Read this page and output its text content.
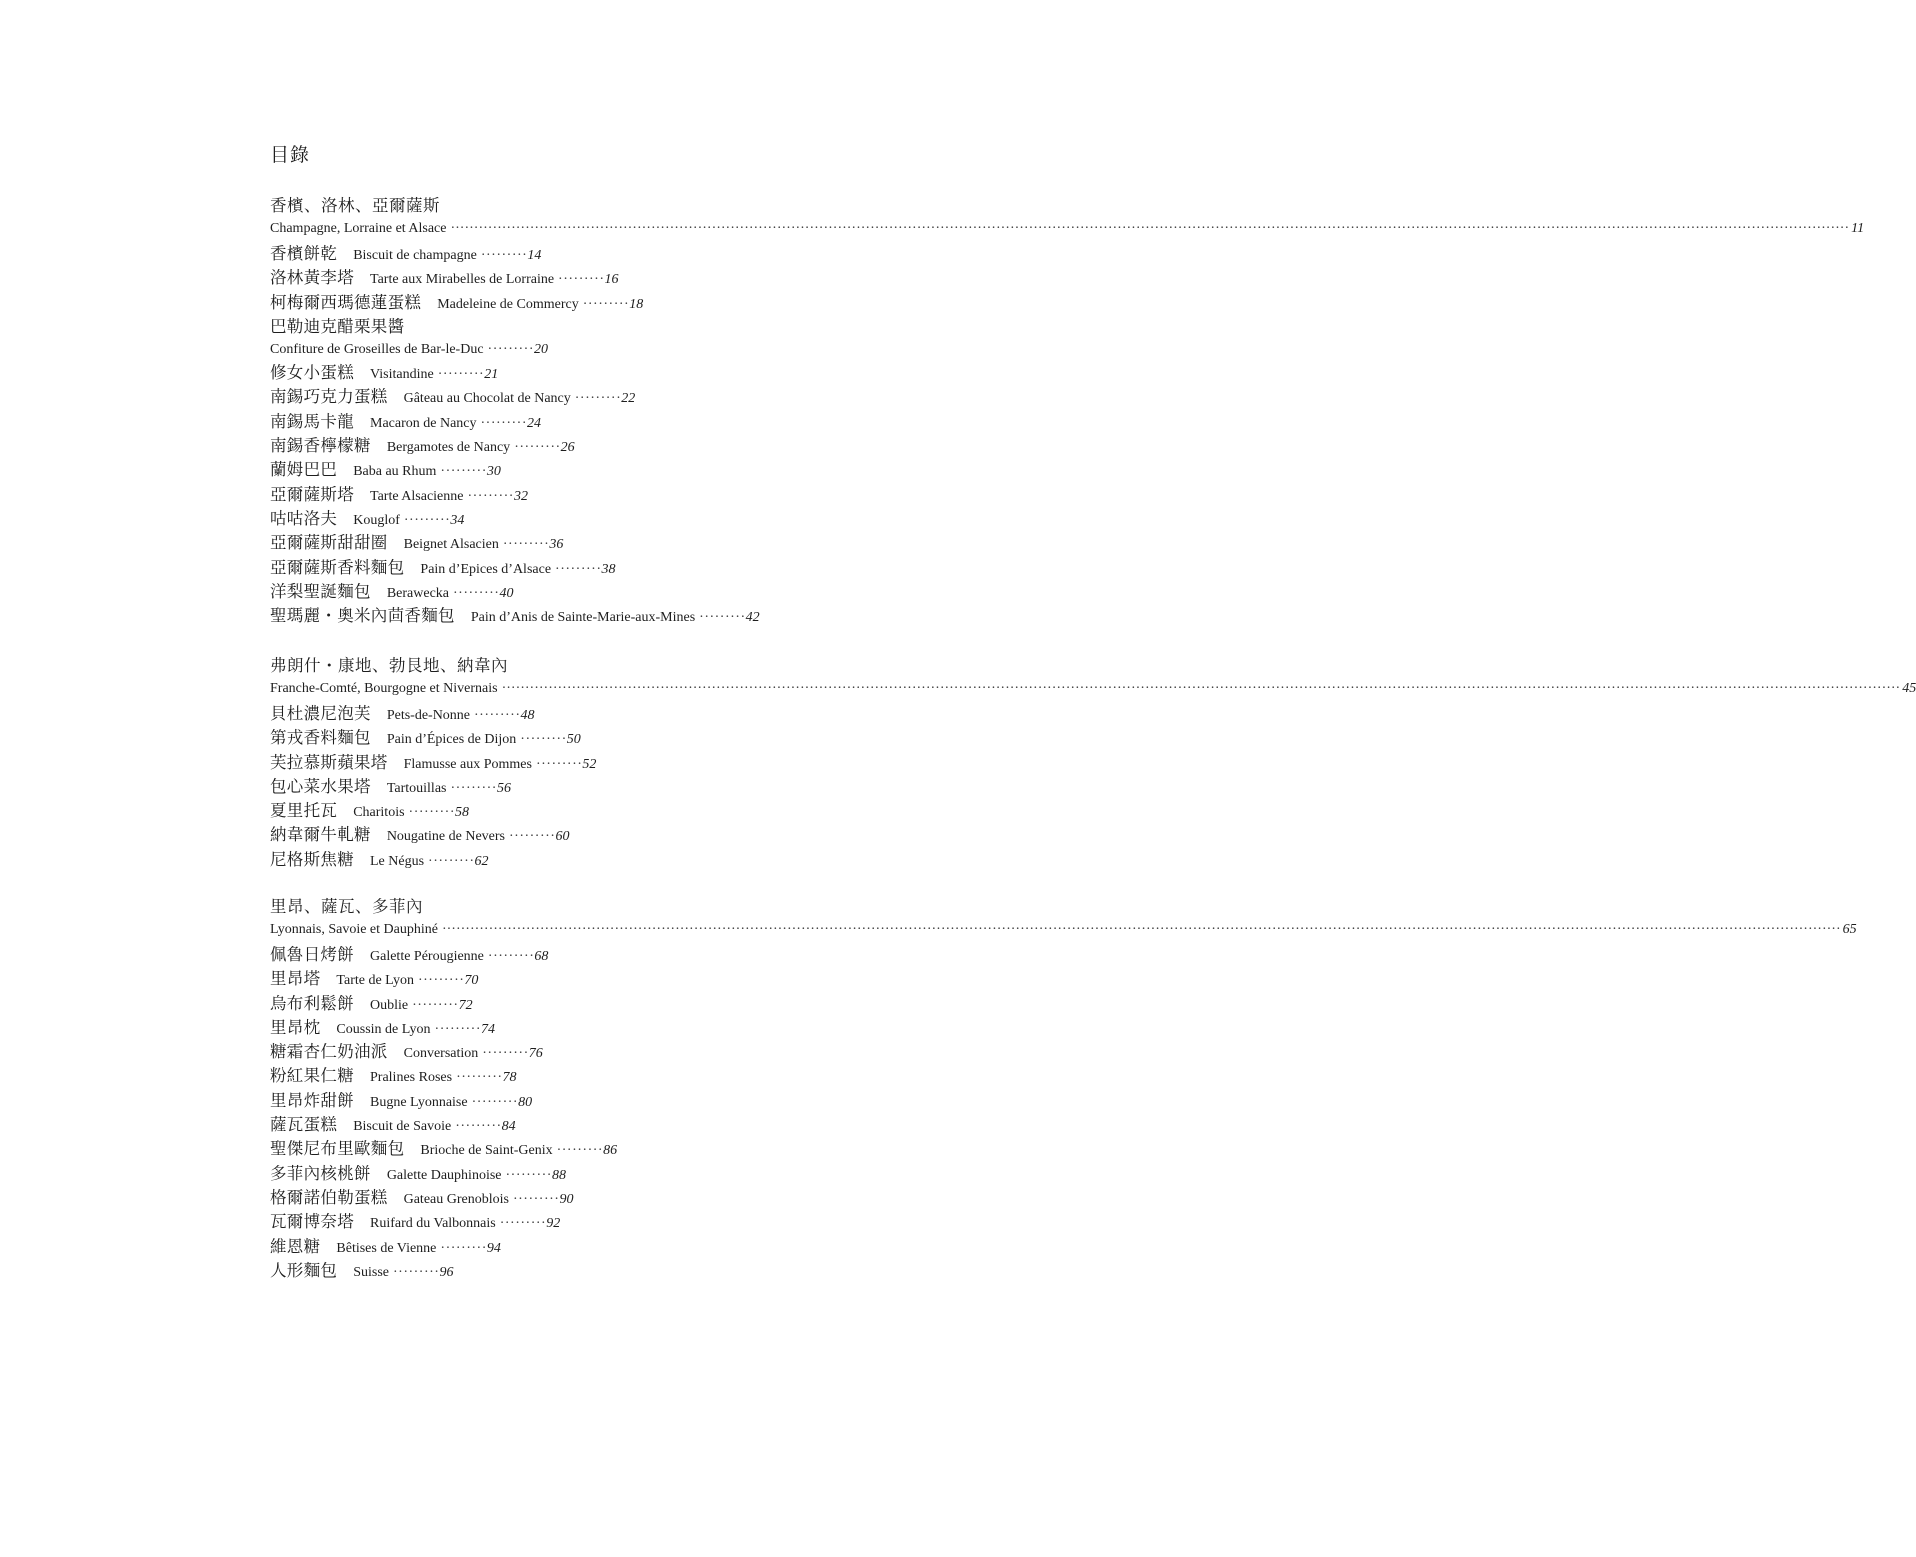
目錄
香檳、洛林、亞爾薩斯
Champagne, Lorraine et Alsace ············································································································································································································································································································ 11
香檳餅乾 Biscuit de champagne ········· 14
洛林黃李塔 Tarte aux Mirabelles de Lorraine ········· 16
柯梅爾西瑪德蓮蛋糕 Madeleine de Commercy ········· 18
巴勒迪克醋栗果醬
Confiture de Groseilles de Bar-le-Duc ········· 20
修女小蛋糕 Visitandine ········· 21
南錫巧克力蛋糕 Gâteau au Chocolat de Nancy ········· 22
南錫馬卡龍 Macaron de Nancy ········· 24
南錫香檸檬糖 Bergamotes de Nancy ········· 26
蘭姆巴巴 Baba au Rhum ········· 30
亞爾薩斯塔 Tarte Alsacienne ········· 32
咕咕洛夫 Kouglof ········· 34
亞爾薩斯甜甜圈 Beignet Alsacien ········· 36
亞爾薩斯香料麵包 Pain d’Epices d’Alsace ········· 38
洋梨聖誕麵包 Berawecka ········· 40
聖瑪麗・奧米內茴香麵包 Pain d’Anis de Sainte-Marie-aux-Mines ········· 42
弗朗什・康地、勃艮地、納韋內
Franche-Comté, Bourgogne et Nivernais ············································································································································································································································································································ 45
貝杜濃尼泡芙 Pets-de-Nonne ········· 48
第戎香料麵包 Pain d’Épices de Dijon ········· 50
芙拉慕斯蘋果塔 Flamusse aux Pommes ········· 52
包心菜水果塔 Tartouillas ········· 56
夏里托瓦 Charitois ········· 58
納韋爾牛軋糖 Nougatine de Nevers ········· 60
尼格斯焦糖 Le Négus ········· 62
里昂、薩瓦、多菲內
Lyonnais, Savoie et Dauphiné ············································································································································································································································································································ 65
佩魯日烤餅 Galette Pérougienne ········· 68
里昂塔 Tarte de Lyon ········· 70
烏布利鬆餅 Oublie ········· 72
里昂枕 Coussin de Lyon ········· 74
糖霜杏仁奶油派 Conversation ········· 76
粉紅果仁糖 Pralines Roses ········· 78
里昂炸甜餅 Bugne Lyonnaise ········· 80
薩瓦蛋糕 Biscuit de Savoie ········· 84
聖傑尼布里歐麵包 Brioche de Saint-Genix ········· 86
多菲內核桃餅 Galette Dauphinoise ········· 88
格爾諾伯勒蛋糕 Gateau Grenoblois ········· 90
瓦爾博奈塔 Ruifard du Valbonnais ········· 92
維恩糖 Bêtises de Vienne ········· 94
人形麵包 Suisse ········· 96
